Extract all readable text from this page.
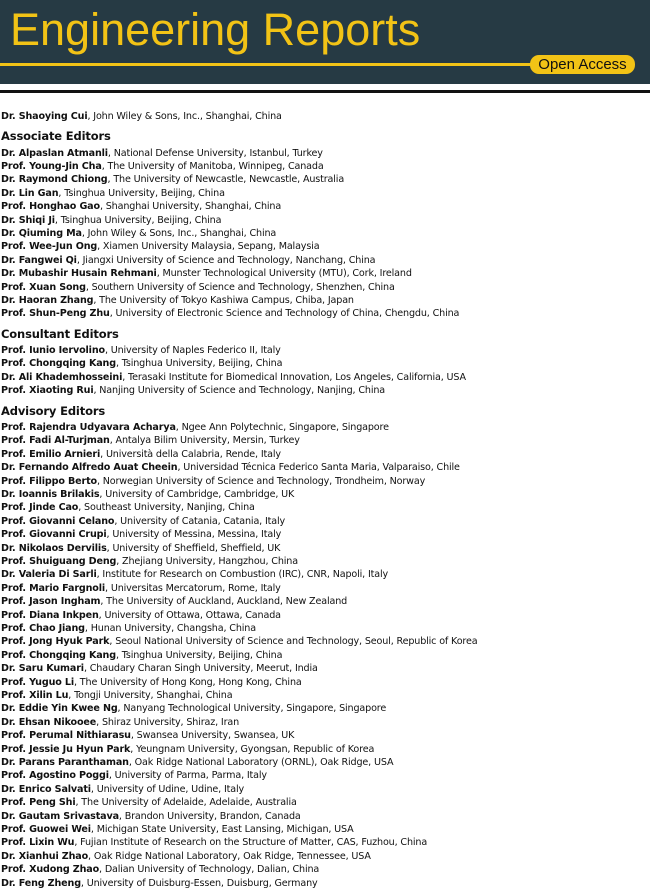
Engineering Reports
Open Access
Dr. Shaoying Cui, John Wiley & Sons, Inc., Shanghai, China
Associate Editors
Dr. Alpaslan Atmanli, National Defense University, Istanbul, Turkey
Prof. Young-Jin Cha, The University of Manitoba, Winnipeg, Canada
Dr. Raymond Chiong, The University of Newcastle, Newcastle, Australia
Dr. Lin Gan, Tsinghua University, Beijing, China
Prof. Honghao Gao, Shanghai University, Shanghai, China
Dr. Shiqi Ji, Tsinghua University, Beijing, China
Dr. Qiuming Ma, John Wiley & Sons, Inc., Shanghai, China
Prof. Wee-Jun Ong, Xiamen University Malaysia, Sepang, Malaysia
Dr. Fangwei Qi, Jiangxi University of Science and Technology, Nanchang, China
Dr. Mubashir Husain Rehmani, Munster Technological University (MTU), Cork, Ireland
Prof. Xuan Song, Southern University of Science and Technology, Shenzhen, China
Dr. Haoran Zhang, The University of Tokyo Kashiwa Campus, Chiba, Japan
Prof. Shun-Peng Zhu, University of Electronic Science and Technology of China, Chengdu, China
Consultant Editors
Prof. Iunio Iervolino, University of Naples Federico II, Italy
Prof. Chongqing Kang, Tsinghua University, Beijing, China
Dr. Ali Khademhosseini, Terasaki Institute for Biomedical Innovation, Los Angeles, California, USA
Prof. Xiaoting Rui, Nanjing University of Science and Technology, Nanjing, China
Advisory Editors
Prof. Rajendra Udyavara Acharya, Ngee Ann Polytechnic, Singapore, Singapore
Prof. Fadi Al-Turjman, Antalya Bilim University, Mersin, Turkey
Prof. Emilio Arnieri, Università della Calabria, Rende, Italy
Dr. Fernando Alfredo Auat Cheein, Universidad Técnica Federico Santa Maria, Valparaiso, Chile
Prof. Filippo Berto, Norwegian University of Science and Technology, Trondheim, Norway
Dr. Ioannis Brilakis, University of Cambridge, Cambridge, UK
Prof. Jinde Cao, Southeast University, Nanjing, China
Prof. Giovanni Celano, University of Catania, Catania, Italy
Prof. Giovanni Crupi, University of Messina, Messina, Italy
Dr. Nikolaos Dervilis, University of Sheffield, Sheffield, UK
Prof. Shuiguang Deng, Zhejiang University, Hangzhou, China
Dr. Valeria Di Sarli, Institute for Research on Combustion (IRC), CNR, Napoli, Italy
Prof. Mario Fargnoli, Universitas Mercatorum, Rome, Italy
Prof. Jason Ingham, The University of Auckland, Auckland, New Zealand
Prof. Diana Inkpen, University of Ottawa, Ottawa, Canada
Prof. Chao Jiang, Hunan University, Changsha, China
Prof. Jong Hyuk Park, Seoul National University of Science and Technology, Seoul, Republic of Korea
Prof. Chongqing Kang, Tsinghua University, Beijing, China
Dr. Saru Kumari, Chaudary Charan Singh University, Meerut, India
Prof. Yuguo Li, The University of Hong Kong, Hong Kong, China
Prof. Xilin Lu, Tongji University, Shanghai, China
Dr. Eddie Yin Kwee Ng, Nanyang Technological University, Singapore, Singapore
Dr. Ehsan Nikooee, Shiraz University, Shiraz, Iran
Prof. Perumal Nithiarasu, Swansea University, Swansea, UK
Prof. Jessie Ju Hyun Park, Yeungnam University, Gyongsan, Republic of Korea
Dr. Parans Paranthaman, Oak Ridge National Laboratory (ORNL), Oak Ridge, USA
Prof. Agostino Poggi, University of Parma, Parma, Italy
Dr. Enrico Salvati, University of Udine, Udine, Italy
Prof. Peng Shi, The University of Adelaide, Adelaide, Australia
Dr. Gautam Srivastava, Brandon University, Brandon, Canada
Prof. Guowei Wei, Michigan State University, East Lansing, Michigan, USA
Prof. Lixin Wu, Fujian Institute of Research on the Structure of Matter, CAS, Fuzhou, China
Dr. Xianhui Zhao, Oak Ridge National Laboratory, Oak Ridge, Tennessee, USA
Prof. Xudong Zhao, Dalian University of Technology, Dalian, China
Dr. Feng Zheng, University of Duisburg-Essen, Duisburg, Germany
